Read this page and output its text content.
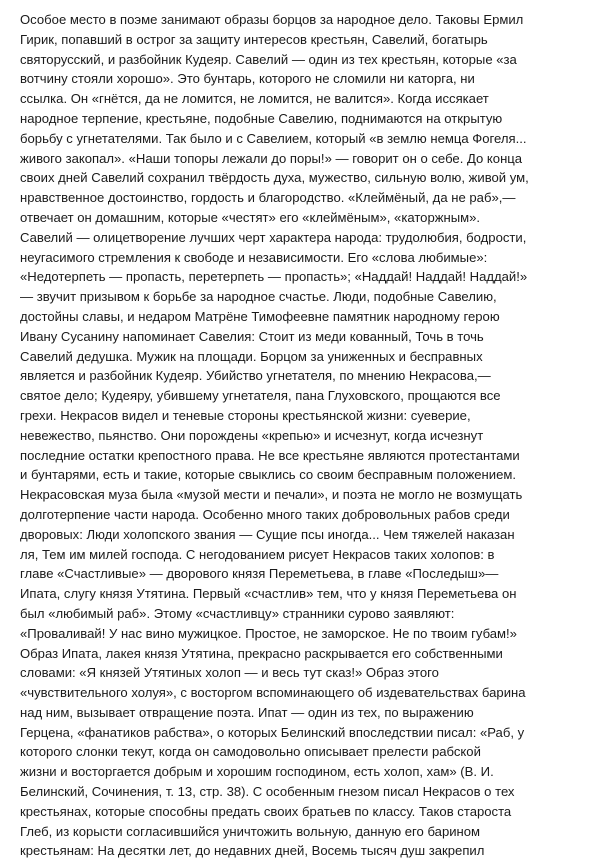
Особое место в поэме занимают образы борцов за народное дело. Таковы Ермил
Гирик, попавший в острог за защиту интересов крестьян, Савелий, богатырь
святорусский, и разбойник Кудеяр. Савелий — один из тех крестьян, которые «за
вотчину стояли хорошо». Это бунтарь, которого не сломили ни каторга, ни
ссылка. Он «гнётся, да не ломится, не ломится, не валится». Когда иссякает
народное терпение, крестьяне, подобные Савелию, поднимаются на открытую
борьбу с угнетателями. Так было и с Савелием, который «в землю немца Фогеля...
живого закопал». «Наши топоры лежали до поры!» — говорит он о себе. До конца
своих дней Савелий сохранил твёрдость духа, мужество, сильную волю, живой ум,
нравственное достоинство, гордость и благородство. «Клеймёный, да не раб»,—
отвечает он домашним, которые «честят» его «клеймёным», «каторжным».
Савелий — олицетворение лучших черт характера народа: трудолюбия, бодрости,
неугасимого стремления к свободе и независимости. Его «слова любимые»:
«Недотерпеть — пропасть, перетерпеть — пропасть»; «Наддай! Наддай! Наддай!»
— звучит призывом к борьбе за народное счастье. Люди, подобные Савелию,
достойны славы, и недаром Матрёне Тимофеевне памятник народному герою
Ивану Сусанину напоминает Савелия: Стоит из меди кованный, Точь в точь
Савелий дедушка. Мужик на площади. Борцом за униженных и бесправных
является и разбойник Кудеяр. Убийство угнетателя, по мнению Некрасова,—
святое дело; Кудеяру, убившему угнетателя, пана Глуховского, прощаются все
грехи. Некрасов видел и теневые стороны крестьянской жизни: суеверие,
невежество, пьянство. Они порождены «крепью» и исчезнут, когда исчезнут
последние остатки крепостного права. Не все крестьяне являются протестантами
и бунтарями, есть и такие, которые свыклись со своим бесправным положением.
Некрасовская муза была «музой мести и печали», и поэта не могло не возмущать
долготерпение части народа. Особенно много таких добровольных рабов среди
дворовых: Люди холопского звания — Сущие псы иногда... Чем тяжелей наказан
ля, Тем им милей господа. С негодованием рисует Некрасов таких холопов: в
главе «Счастливые» — дворового князя Переметьева, в главе «Последыш»—
Ипата, слугу князя Утятина. Первый «счастлив» тем, что у князя Переметьева он
был «любимый раб». Этому «счастливцу» странники сурово заявляют:
«Проваливай! У нас вино мужицкое. Простое, не заморское. Не по твоим губам!»
Образ Ипата, лакея князя Утятина, прекрасно раскрывается его собственными
словами: «Я князей Утятиных холоп — и весь тут сказ!» Образ этого
«чувствительного холуя», с восторгом вспоминающего об издевательствах барина
над ним, вызывает отвращение поэта. Ипат — один из тех, по выражению
Герцена, «фанатиков рабства», о которых Белинский впоследствии писал: «Раб, у
которого слонки текут, когда он самодовольно описывает прелести рабской
жизни и восторгается добрым и хорошим господином, есть холоп, хам» (В. И.
Белинский, Сочинения, т. 13, стр. 38). С особенным гнезом писал Некрасов о тех
крестьянах, которые способны предать своих братьев по классу. Таков староста
Глеб, из корысти согласившийся уничтожить вольную, данную его барином
крестьянам: На десятки лет, до недавних дней, Восемь тысяч душ закрепил
